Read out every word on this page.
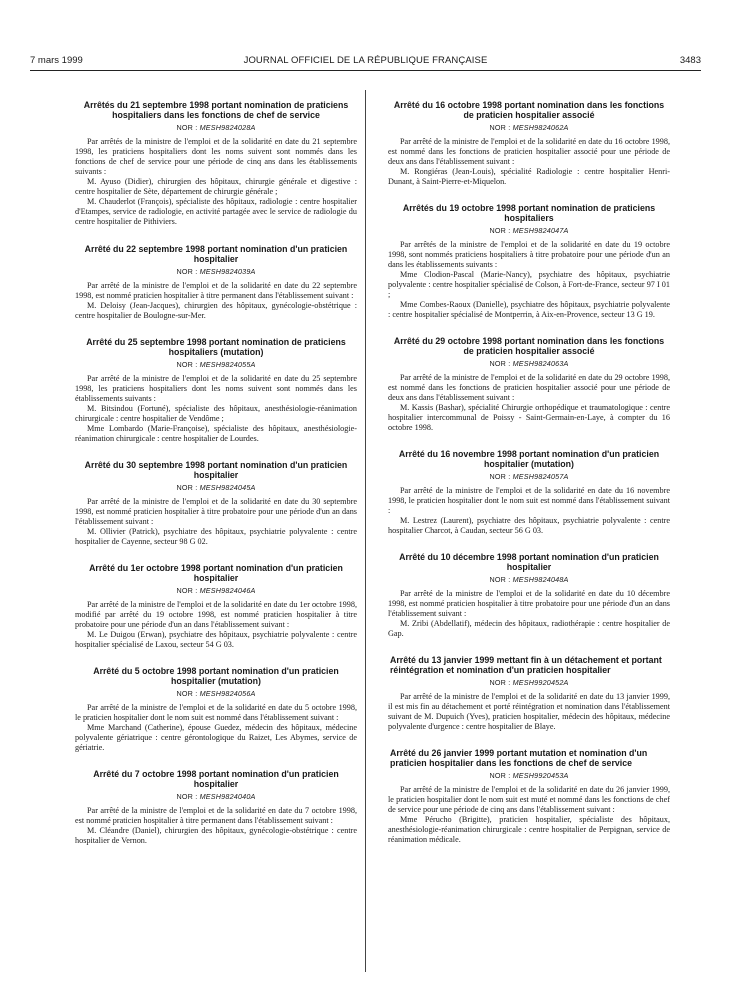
7 mars 1999	JOURNAL OFFICIEL DE LA RÉPUBLIQUE FRANÇAISE	3483

Arrêtés du 21 septembre 1998 portant nomination de praticiens hospitaliers dans les fonctions de chef de service

NOR : MESH9824028A

Par arrêtés de la ministre de l'emploi et de la solidarité en date du 21 septembre 1998, les praticiens hospitaliers dont les noms suivent sont nommés dans les fonctions de chef de service pour une période de cinq ans dans les établissements suivants :

M. Ayuso (Didier), chirurgien des hôpitaux, chirurgie générale et digestive : centre hospitalier de Sète, département de chirurgie générale ;

M. Chauderlot (François), spécialiste des hôpitaux, radiologie : centre hospitalier d'Etampes, service de radiologie, en activité partagée avec le service de radiologie du centre hospitalier de Pithiviers.

Arrêté du 22 septembre 1998 portant nomination d'un praticien hospitalier

NOR : MESH9824039A

Par arrêté de la ministre de l'emploi et de la solidarité en date du 22 septembre 1998, est nommé praticien hospitalier à titre permanent dans l'établissement suivant :

M. Deloisy (Jean-Jacques), chirurgien des hôpitaux, gynécologie-obstétrique : centre hospitalier de Boulogne-sur-Mer.

Arrêté du 25 septembre 1998 portant nomination de praticiens hospitaliers (mutation)

NOR : MESH9824055A

Par arrêté de la ministre de l'emploi et de la solidarité en date du 25 septembre 1998, les praticiens hospitaliers dont les noms suivent sont nommés dans les établissements suivants :

M. Bitsindou (Fortuné), spécialiste des hôpitaux, anesthésiologie-réanimation chirurgicale : centre hospitalier de Vendôme ;

Mme Lombardo (Marie-Françoise), spécialiste des hôpitaux, anesthésiologie-réanimation chirurgicale : centre hospitalier de Lourdes.

Arrêté du 30 septembre 1998 portant nomination d'un praticien hospitalier

NOR : MESH9824045A

Par arrêté de la ministre de l'emploi et de la solidarité en date du 30 septembre 1998, est nommé praticien hospitalier à titre probatoire pour une période d'un an dans l'établissement suivant :

M. Ollivier (Patrick), psychiatre des hôpitaux, psychiatrie polyvalente : centre hospitalier de Cayenne, secteur 98 G 02.

Arrêté du 1er octobre 1998 portant nomination d'un praticien hospitalier

NOR : MESH9824046A

Par arrêté de la ministre de l'emploi et de la solidarité en date du 1er octobre 1998, modifié par arrêté du 19 octobre 1998, est nommé praticien hospitalier à titre probatoire pour une période d'un an dans l'établissement suivant :

M. Le Duigou (Erwan), psychiatre des hôpitaux, psychiatrie polyvalente : centre hospitalier spécialisé de Laxou, secteur 54 G 03.

Arrêté du 5 octobre 1998 portant nomination d'un praticien hospitalier (mutation)

NOR : MESH9824056A

Par arrêté de la ministre de l'emploi et de la solidarité en date du 5 octobre 1998, le praticien hospitalier dont le nom suit est nommé dans l'établissement suivant :

Mme Marchand (Catherine), épouse Guedez, médecin des hôpitaux, médecine polyvalente gériatrique : centre gérontologique du Raizet, Les Abymes, service de gériatrie.

Arrêté du 7 octobre 1998 portant nomination d'un praticien hospitalier

NOR : MESH9824040A

Par arrêté de la ministre de l'emploi et de la solidarité en date du 7 octobre 1998, est nommé praticien hospitalier à titre permanent dans l'établissement suivant :

M. Cléandre (Daniel), chirurgien des hôpitaux, gynécologie-obstétrique : centre hospitalier de Vernon.

Arrêté du 16 octobre 1998 portant nomination dans les fonctions de praticien hospitalier associé

NOR : MESH9824062A

Par arrêté de la ministre de l'emploi et de la solidarité en date du 16 octobre 1998, est nommé dans les fonctions de praticien hospitalier associé pour une période de deux ans dans l'établissement suivant :

M. Rongiéras (Jean-Louis), spécialité Radiologie : centre hospitalier Henri-Dunant, à Saint-Pierre-et-Miquelon.

Arrêtés du 19 octobre 1998 portant nomination de praticiens hospitaliers

NOR : MESH9824047A

Par arrêtés de la ministre de l'emploi et de la solidarité en date du 19 octobre 1998, sont nommés praticiens hospitaliers à titre probatoire pour une période d'un an dans les établissements suivants :

Mme Clodion-Pascal (Marie-Nancy), psychiatre des hôpitaux, psychiatrie polyvalente : centre hospitalier spécialisé de Colson, à Fort-de-France, secteur 97 I 01 ;

Mme Combes-Raoux (Danielle), psychiatre des hôpitaux, psychiatrie polyvalente : centre hospitalier spécialisé de Montperrin, à Aix-en-Provence, secteur 13 G 19.

Arrêté du 29 octobre 1998 portant nomination dans les fonctions de praticien hospitalier associé

NOR : MESH9824063A

Par arrêté de la ministre de l'emploi et de la solidarité en date du 29 octobre 1998, est nommé dans les fonctions de praticien hospitalier associé pour une période de deux ans dans l'établissement suivant :

M. Kassis (Bashar), spécialité Chirurgie orthopédique et traumatologique : centre hospitalier intercommunal de Poissy - Saint-Germain-en-Laye, à compter du 16 octobre 1998.

Arrêté du 16 novembre 1998 portant nomination d'un praticien hospitalier (mutation)

NOR : MESH9824057A

Par arrêté de la ministre de l'emploi et de la solidarité en date du 16 novembre 1998, le praticien hospitalier dont le nom suit est nommé dans l'établissement suivant :

M. Lestrez (Laurent), psychiatre des hôpitaux, psychiatrie polyvalente : centre hospitalier Charcot, à Caudan, secteur 56 G 03.

Arrêté du 10 décembre 1998 portant nomination d'un praticien hospitalier

NOR : MESH9824048A

Par arrêté de la ministre de l'emploi et de la solidarité en date du 10 décembre 1998, est nommé praticien hospitalier à titre probatoire pour une période d'un an dans l'établissement suivant :

M. Zribi (Abdellatif), médecin des hôpitaux, radiothérapie : centre hospitalier de Gap.

Arrêté du 13 janvier 1999 mettant fin à un détachement et portant réintégration et nomination d'un praticien hospitalier

NOR : MESH9920452A

Par arrêté de la ministre de l'emploi et de la solidarité en date du 13 janvier 1999, il est mis fin au détachement et porté réintégration et nomination dans l'établissement suivant de M. Dupuich (Yves), praticien hospitalier, médecin des hôpitaux, médecine polyvalente d'urgence : centre hospitalier de Blaye.

Arrêté du 26 janvier 1999 portant mutation et nomination d'un praticien hospitalier dans les fonctions de chef de service

NOR : MESH9920453A

Par arrêté de la ministre de l'emploi et de la solidarité en date du 26 janvier 1999, le praticien hospitalier dont le nom suit est muté et nommé dans les fonctions de chef de service pour une période de cinq ans dans l'établissement suivant :

Mme Pérucho (Brigitte), praticien hospitalier, spécialiste des hôpitaux, anesthésiologie-réanimation chirurgicale : centre hospitalier de Perpignan, service de réanimation médicale.
